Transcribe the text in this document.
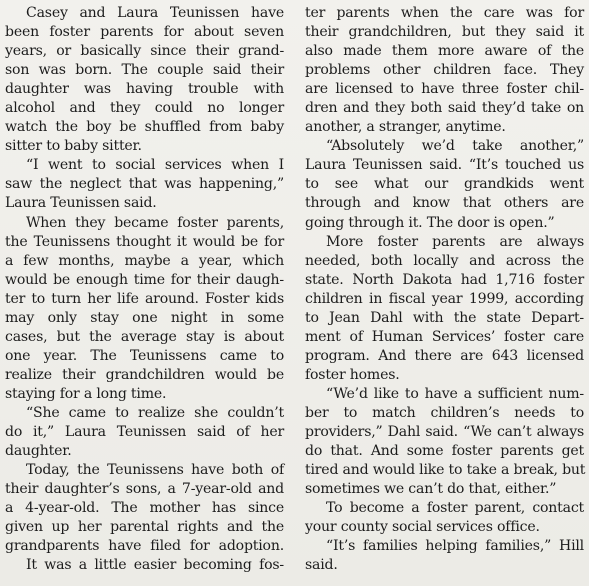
Casey and Laura Teunissen have
been foster parents for about seven
years, or basically since their grand-
son was born. The couple said their
daughter was having trouble with
alcohol and they could no longer
watch the boy be shuffled from baby
sitter to baby sitter.
“I went to social services when I
saw the neglect that was happening,”
Laura Teunissen said.
When they became foster parents,
the Teunissens thought it would be for
a few months, maybe a year, which
would be enough time for their daugh-
ter to turn her life around. Foster kids
may only stay one night in some
cases, but the average stay is about
one year. The Teunissens came to
realize their grandchildren would be
staying for a long time.
“She came to realize she couldn’t
do it,” Laura Teunissen said of her
daughter.
Today, the Teunissens have both of
their daughter’s sons, a 7-year-old and
a 4-year-old. The mother has since
given up her parental rights and the
grandparents have filed for adoption.
It was a little easier becoming fos-
ter parents when the care was for
their grandchildren, but they said it
also made them more aware of the
problems other children face. They
are licensed to have three foster chil-
dren and they both said they’d take on
another, a stranger, anytime.
“Absolutely we’d take another,”
Laura Teunissen said. “It’s touched us
to see what our grandkids went
through and know that others are
going through it. The door is open.”
More foster parents are always
needed, both locally and across the
state. North Dakota had 1,716 foster
children in fiscal year 1999, according
to Jean Dahl with the state Depart-
ment of Human Services’ foster care
program. And there are 643 licensed
foster homes.
“We’d like to have a sufficient num-
ber to match children’s needs to
providers,” Dahl said. “We can’t always
do that. And some foster parents get
tired and would like to take a break, but
sometimes we can’t do that, either.”
To become a foster parent, contact
your county social services office.
“It’s families helping families,” Hill
said.
